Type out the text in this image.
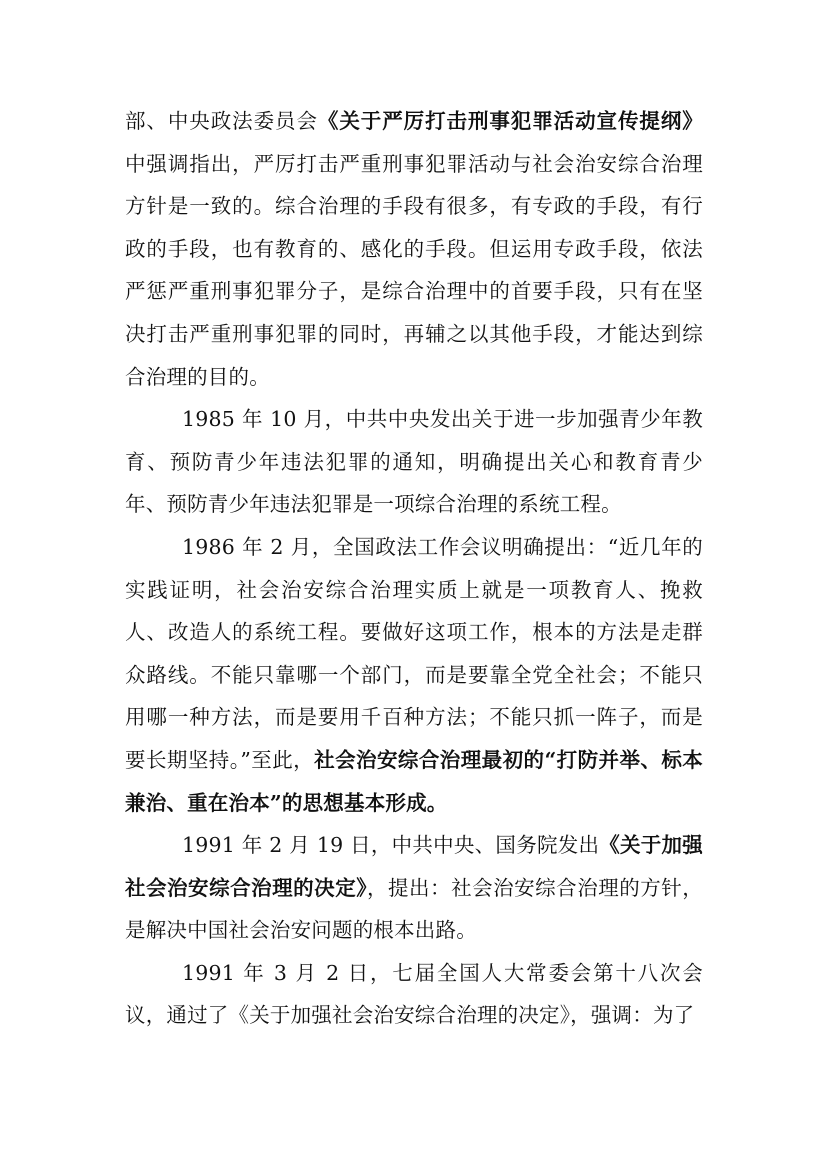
部、中央政法委员会《关于严厉打击刑事犯罪活动宣传提纲》中强调指出，严厉打击严重刑事犯罪活动与社会治安综合治理方针是一致的。综合治理的手段有很多，有专政的手段，有行政的手段，也有教育的、感化的手段。但运用专政手段，依法严惩严重刑事犯罪分子，是综合治理中的首要手段，只有在坚决打击严重刑事犯罪的同时，再辅之以其他手段，才能达到综合治理的目的。

1985 年 10 月，中共中央发出关于进一步加强青少年教育、预防青少年违法犯罪的通知，明确提出关心和教育青少年、预防青少年违法犯罪是一项综合治理的系统工程。

1986 年 2 月，全国政法工作会议明确提出：“近几年的实践证明，社会治安综合治理实质上就是一项教育人、挽救人、改造人的系统工程。要做好这项工作，根本的方法是走群众路线。不能只靠哪一个部门，而是要靠全党全社会；不能只用哪一种方法，而是要用千百种方法；不能只抓一阵子，而是要长期坚持。”至此，社会治安综合治理最初的“打防并举、标本兼治、重在治本”的思想基本形成。

1991 年 2 月 19 日，中共中央、国务院发出《关于加强社会治安综合治理的决定》，提出：社会治安综合治理的方针，是解决中国社会治安问题的根本出路。

1991 年 3 月 2 日，七届全国人大常委会第十八次会议，通过了《关于加强社会治安综合治理的决定》，强调：为了
